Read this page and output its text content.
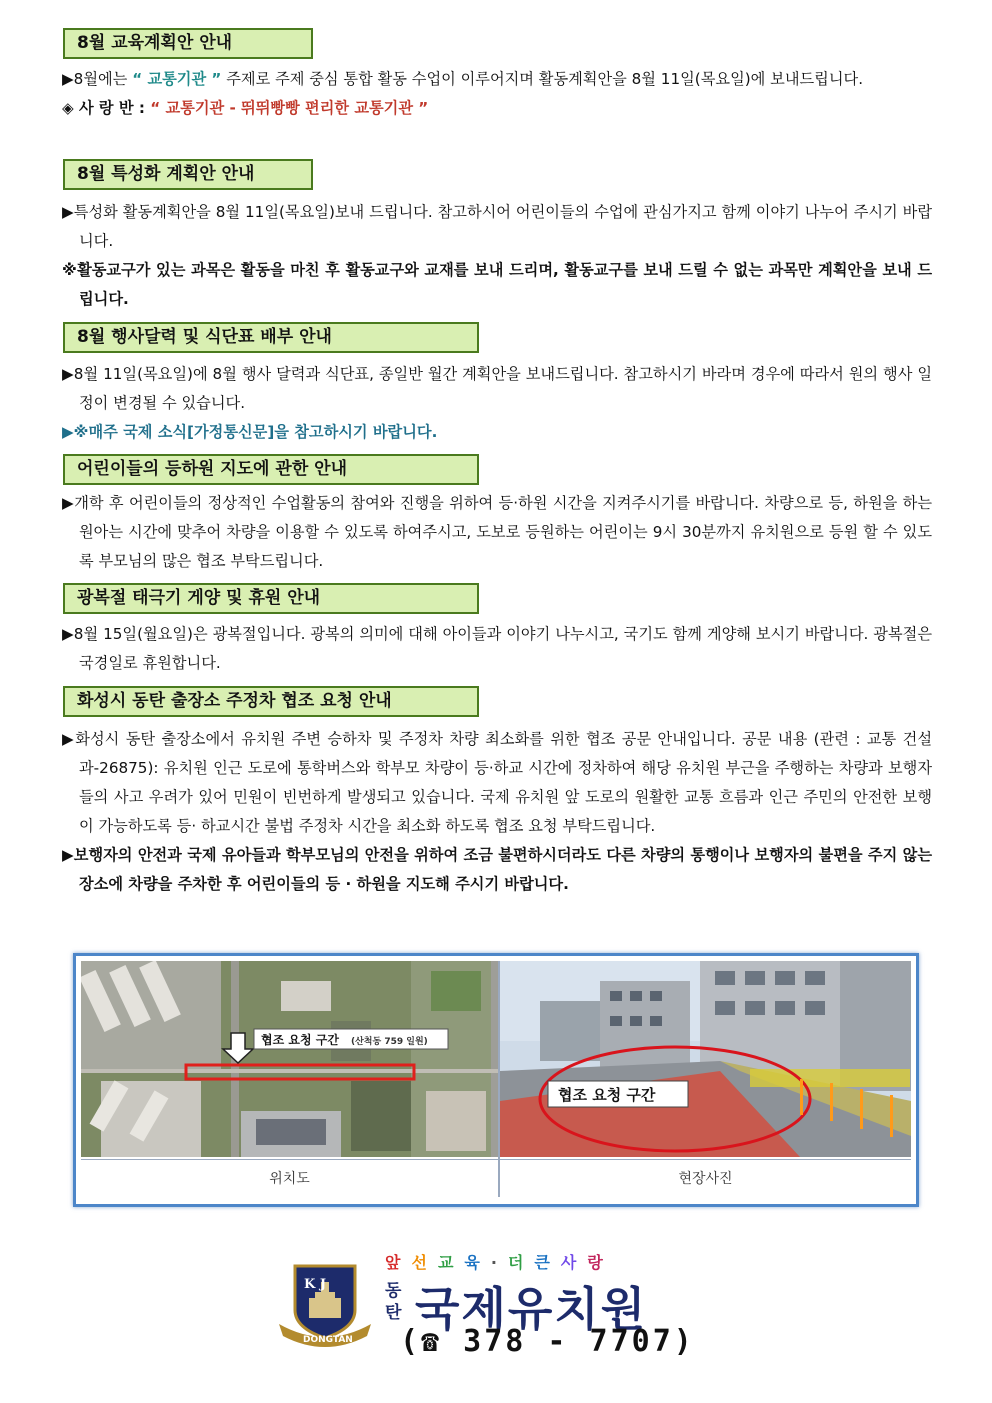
8월 교육계획안 안내
▶8월에는 “ 교통기관 ” 주제로 주제 중심 통합 활동 수업이 이루어지며 활동계획안을 8월 11일(목요일)에 보내드립니다.
◈ 사 랑 반 : “ 교통기관 - 뛰뛰빵빵 편리한 교통기관 ”
8월 특성화 계획안 안내
▶특성화 활동계획안을 8월 11일(목요일)보내 드립니다. 참고하시어 어린이들의 수업에 관심가지고 함께 이야기 나누어 주시기 바랍니다.
※활동교구가 있는 과목은 활동을 마친 후 활동교구와 교재를 보내 드리며, 활동교구를 보내 드릴 수 없는 과목만 계획안을 보내 드립니다.
8월 행사달력 및 식단표 배부 안내
▶8월 11일(목요일)에 8월 행사 달력과 식단표, 종일반 월간 계획안을 보내드립니다. 참고하시기 바라며 경우에 따라서 원의 행사 일정이 변경될 수 있습니다.
▶※매주 국제 소식[가정통신문]을 참고하시기 바랍니다.
어린이들의 등하원 지도에 관한 안내
▶개학 후 어린이들의 정상적인 수업활동의 참여와 진행을 위하여 등·하원 시간을 지켜주시기를 바랍니다. 차량으로 등, 하원을 하는 원아는 시간에 맞추어 차량을 이용할 수 있도록 하여주시고, 도보로 등원하는 어린이는 9시 30분까지 유치원으로 등원 할 수 있도록 부모님의 많은 협조 부탁드립니다.
광복절 태극기 게양 및 휴원 안내
▶8월 15일(월요일)은 광복절입니다. 광복의 의미에 대해 아이들과 이야기 나누시고, 국기도 함께 게양해 보시기 바랍니다. 광복절은 국경일로 휴원합니다.
화성시 동탄 출장소 주정차 협조 요청 안내
▶화성시 동탄 출장소에서 유치원 주변 승하차 및 주정차 차량 최소화를 위한 협조 공문 안내입니다. 공문 내용 (관련 : 교통 건설과-26875): 유치원 인근 도로에 통학버스와 학부모 차량이 등·하교 시간에 정차하여 해당 유치원 부근을 주행하는 차량과 보행자들의 사고 우려가 있어 민원이 빈번하게 발생되고 있습니다. 국제 유치원 앞 도로의 원활한 교통 흐름과 인근 주민의 안전한 보행이 가능하도록 등· 하교시간 불법 주정차 시간을 최소화 하도록 협조 요청 부탁드립니다.
▶보행자의 안전과 국제 유아들과 학부모님의 안전을 위하여 조금 불편하시더라도 다른 차량의 통행이나 보행자의 불편을 주지 않는 장소에 차량을 주차한 후 어린이들의 등 · 하원을 지도해 주시기 바랍니다.
협조 요청 구간 (산척동 759 일원)
협조 요청 구간
위치도	현장사진
K J
DONGTAN
앞선교육·더큰사랑
동
탄 국제유치원
(☎ 378 - 7707)
